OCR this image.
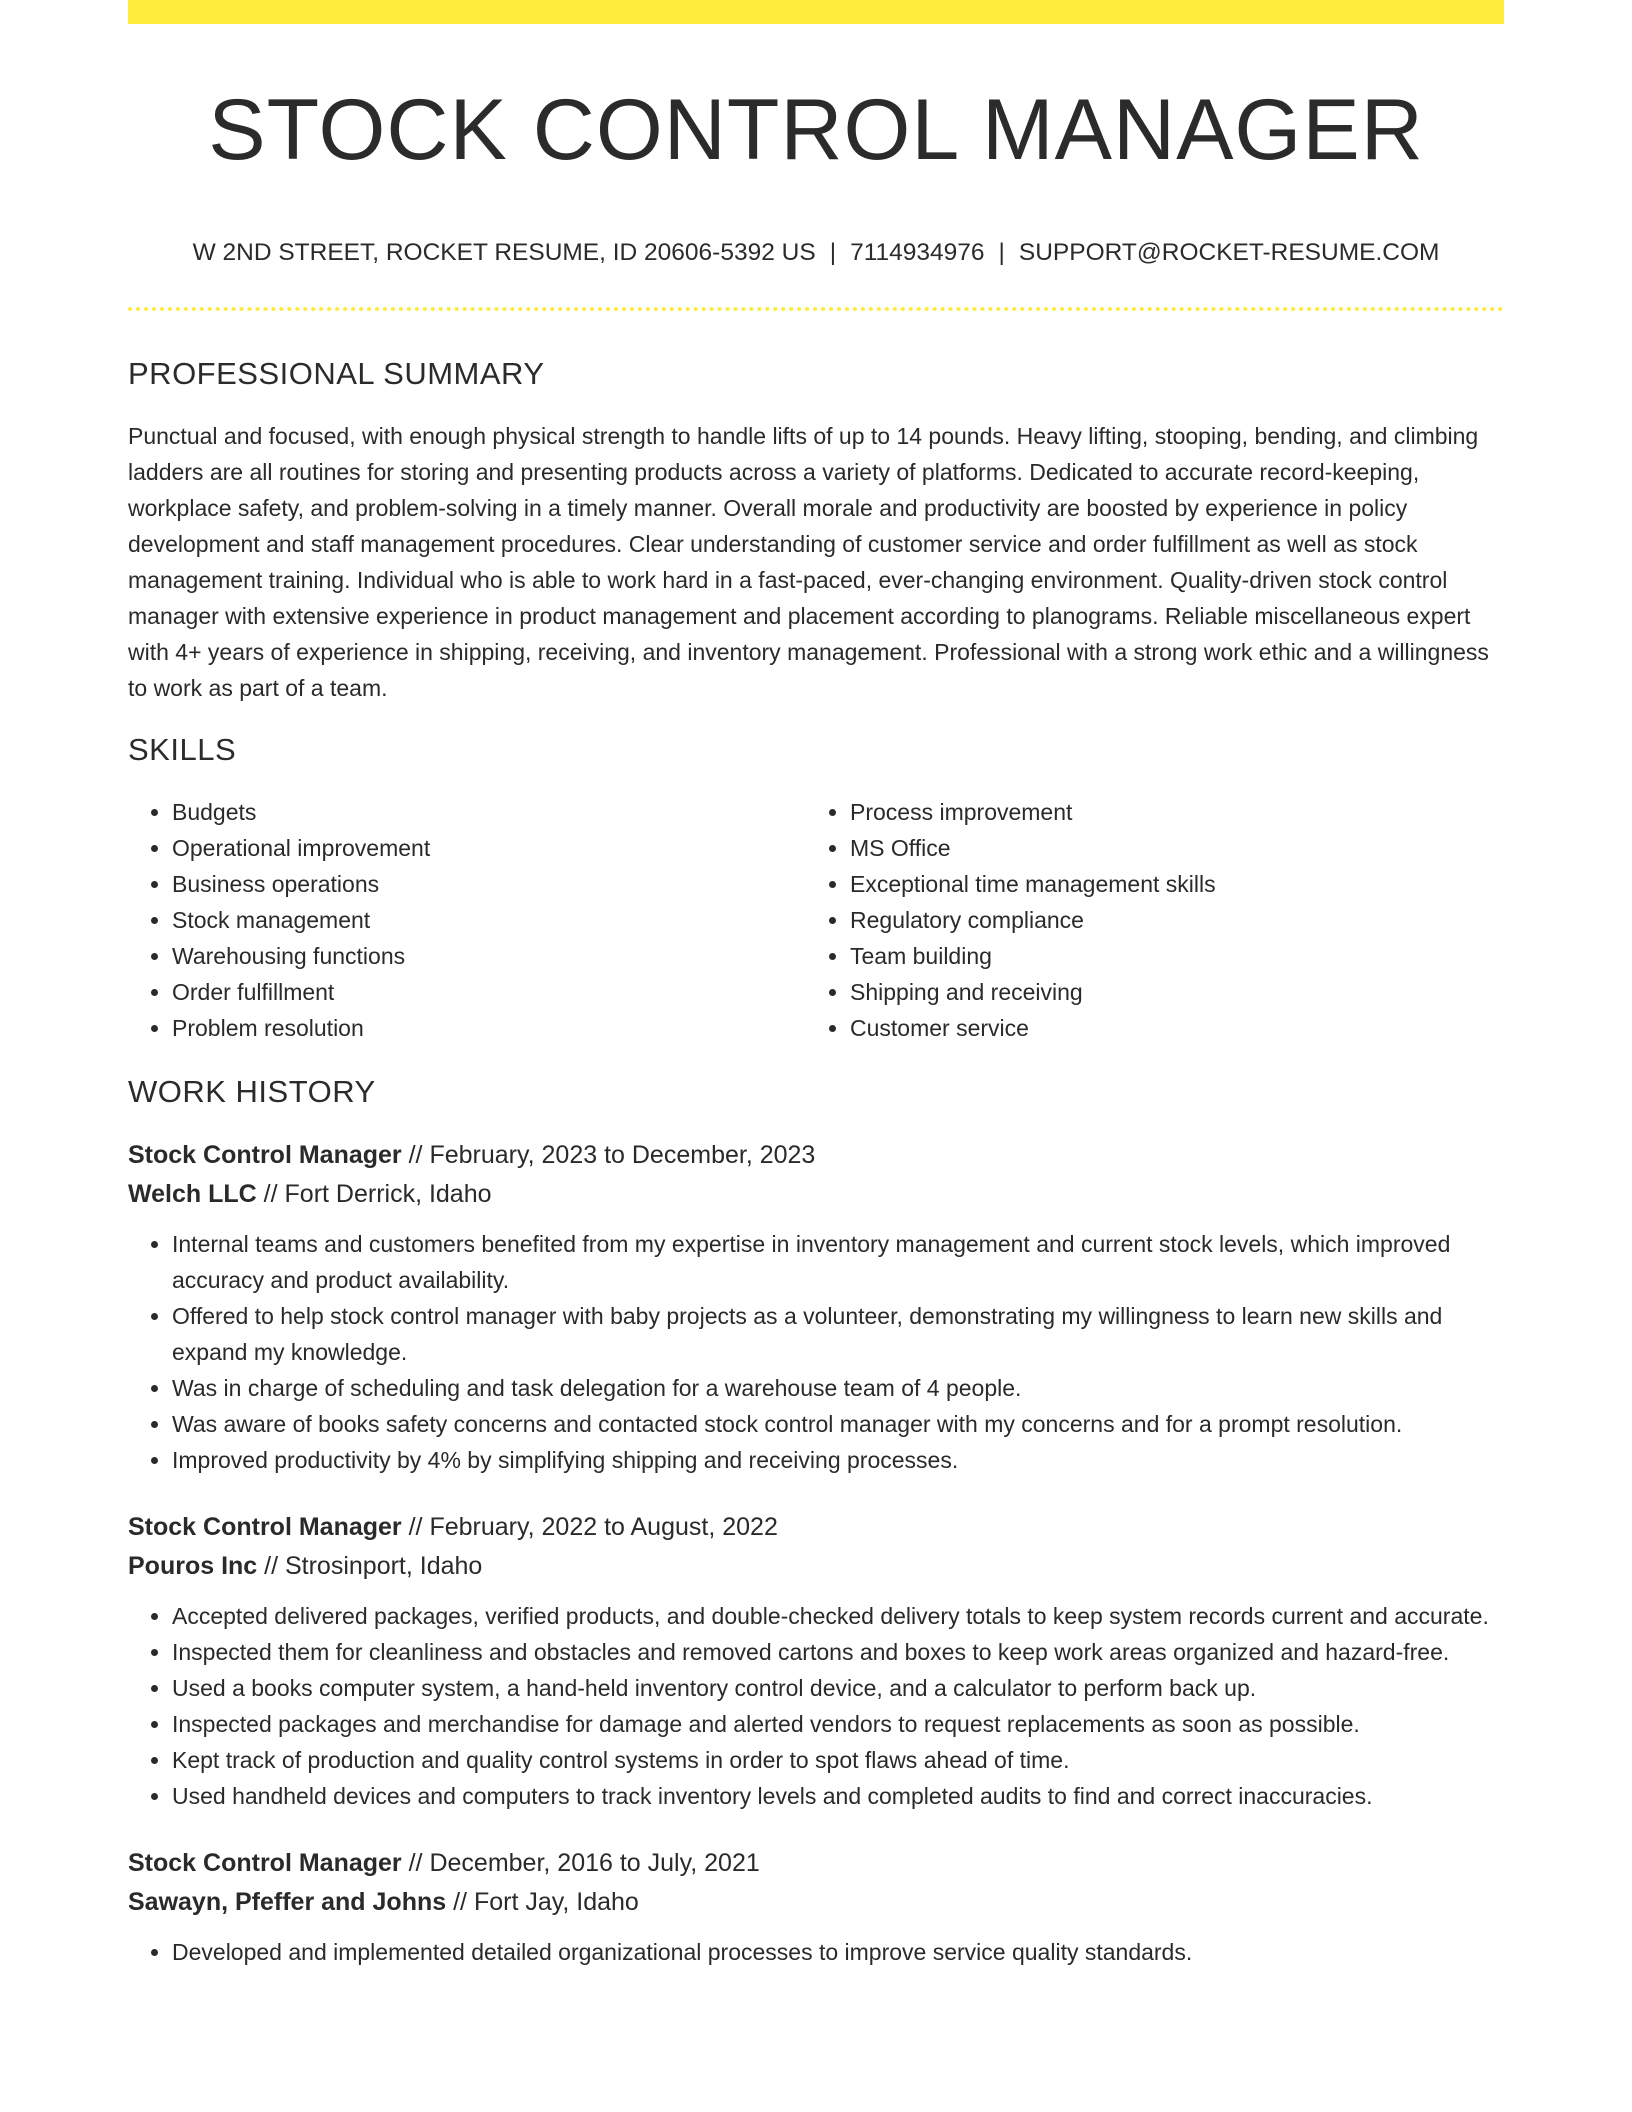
STOCK CONTROL MANAGER
W 2ND STREET, ROCKET RESUME, ID 20606-5392 US | 7114934976 | SUPPORT@ROCKET-RESUME.COM
PROFESSIONAL SUMMARY

Punctual and focused, with enough physical strength to handle lifts of up to 14 pounds. Heavy lifting, stooping, bending, and climbing ladders are all routines for storing and presenting products across a variety of platforms. Dedicated to accurate record-keeping, workplace safety, and problem-solving in a timely manner. Overall morale and productivity are boosted by experience in policy development and staff management procedures. Clear understanding of customer service and order fulfillment as well as stock management training. Individual who is able to work hard in a fast-paced, ever-changing environment. Quality-driven stock control manager with extensive experience in product management and placement according to planograms. Reliable miscellaneous expert with 4+ years of experience in shipping, receiving, and inventory management. Professional with a strong work ethic and a willingness to work as part of a team.

SKILLS
• Budgets
• Operational improvement
• Business operations
• Stock management
• Warehousing functions
• Order fulfillment
• Problem resolution
• Process improvement
• MS Office
• Exceptional time management skills
• Regulatory compliance
• Team building
• Shipping and receiving
• Customer service
WORK HISTORY
Stock Control Manager // February, 2023 to December, 2023
Welch LLC // Fort Derrick, Idaho
• Internal teams and customers benefited from my expertise in inventory management and current stock levels, which improved accuracy and product availability.
• Offered to help stock control manager with baby projects as a volunteer, demonstrating my willingness to learn new skills and expand my knowledge.
• Was in charge of scheduling and task delegation for a warehouse team of 4 people.
• Was aware of books safety concerns and contacted stock control manager with my concerns and for a prompt resolution.
• Improved productivity by 4% by simplifying shipping and receiving processes.
Stock Control Manager // February, 2022 to August, 2022
Pouros Inc // Strosinport, Idaho
• Accepted delivered packages, verified products, and double-checked delivery totals to keep system records current and accurate.
• Inspected them for cleanliness and obstacles and removed cartons and boxes to keep work areas organized and hazard-free.
• Used a books computer system, a hand-held inventory control device, and a calculator to perform back up.
• Inspected packages and merchandise for damage and alerted vendors to request replacements as soon as possible.
• Kept track of production and quality control systems in order to spot flaws ahead of time.
• Used handheld devices and computers to track inventory levels and completed audits to find and correct inaccuracies.
Stock Control Manager // December, 2016 to July, 2021
Sawayn, Pfeffer and Johns // Fort Jay, Idaho
• Developed and implemented detailed organizational processes to improve service quality standards.
